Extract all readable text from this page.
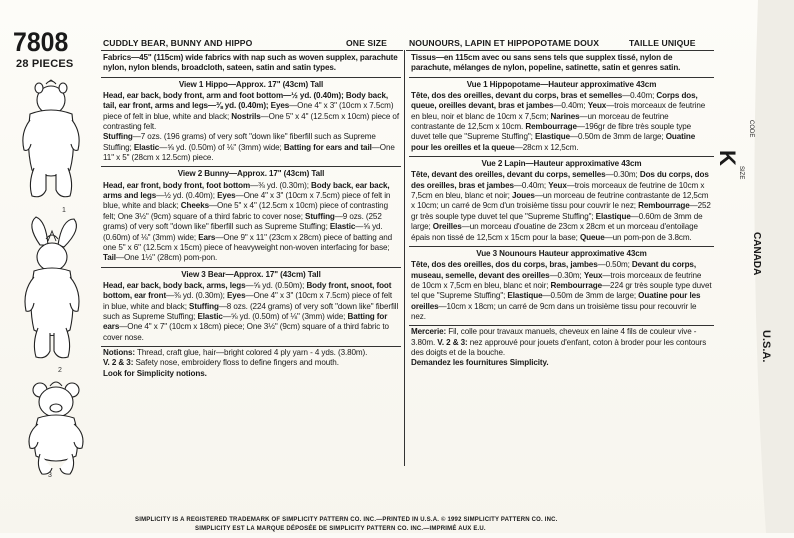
7808
28 PIECES
1
2
3
CUDDLY BEAR, BUNNY AND HIPPO	ONE SIZE	NOUNOURS, LAPIN ET HIPPOPOTAME DOUX	TAILLE UNIQUE

Fabrics—45" (115cm) wide fabrics with nap such as woven supplex, parachute nylon, nylon blends, broadcloth, sateen, satin and satin types.

View 1 Hippo—Approx. 17" (43cm) Tall

Head, ear back, body front, arm and foot bottom—½ yd. (0.40m); Body back, tail, ear front, arms and legs—⅜ yd. (0.40m); Eyes—One 4" x 3" (10cm x 7.5cm) piece of felt in blue, white and black; Nostrils—One 5" x 4" (12.5cm x 10cm) piece of contrasting felt.

Stuffing—7 ozs. (196 grams) of very soft "down like" fiberfill such as Supreme Stuffing; Elastic—⅝ yd. (0.50m) of ⅛" (3mm) wide; Batting for ears and tail—One 11" x 5" (28cm x 12.5cm) piece.

View 2 Bunny—Approx. 17" (43cm) Tall

Head, ear front, body front, foot bottom—⅜ yd. (0.30m); Body back, ear back, arms and legs—½ yd. (0.40m); Eyes—One 4" x 3" (10cm x 7.5cm) piece of felt in blue, white and black; Cheeks—One 5" x 4" (12.5cm x 10cm) piece of contrasting felt; One 3½" (9cm) square of a third fabric to cover nose; Stuffing—9 ozs. (252 grams) of very soft "down like" fiberfill such as Supreme Stuffing; Elastic—⅝ yd. (0.60m) of ⅛" (3mm) wide; Ears—One 9" x 11" (23cm x 28cm) piece of batting and one 5" x 6" (12.5cm x 15cm) piece of heavyweight non-woven interfacing for base; Tail—One 1½" (28cm) pom-pon.

View 3 Bear—Approx. 17" (43cm) Tall

Head, ear back, body back, arms, legs—⅝ yd. (0.50m); Body front, snoot, foot bottom, ear front—⅜ yd. (0.30m); Eyes—One 4" x 3" (10cm x 7.5cm) piece of felt in blue, white and black; Stuffing—8 ozs. (224 grams) of very soft "down like" fiberfill such as Supreme Stuffing; Elastic—⅝ yd. (0.50m) of ⅛" (3mm) wide; Batting for ears—One 4" x 7" (10cm x 18cm) piece; One 3½" (9cm) square of a third fabric to cover nose.

Notions: Thread, craft glue, hair—bright colored 4 ply yarn - 4 yds. (3.80m).

V. 2 & 3: Safety nose, embroidery floss to define fingers and mouth.

Look for Simplicity notions.

Tissus—en 115cm avec ou sans sens tels que supplex tissé, nylon de parachute, mélanges de nylon, popeline, satinette, satin et genres satin.

Vue 1 Hippopotame—Hauteur approximative 43cm

Tête, dos des oreilles, devant du corps, bras et semelles—0.40m; Corps dos, queue, oreilles devant, bras et jambes—0.40m; Yeux—trois morceaux de feutrine en bleu, noir et blanc de 10cm x 7,5cm; Narines—un morceau de feutrine contrastante de 12,5cm x 10cm. Rembourrage—196gr de fibre très souple type duvet telle que "Supreme Stuffing"; Elastique—0.50m de 3mm de large; Ouatine pour les oreilles et la queue—28cm x 12,5cm.

Vue 2 Lapin—Hauteur approximative 43cm

Tête, devant des oreilles, devant du corps, semelles—0.30m; Dos du corps, dos des oreilles, bras et jambes—0.40m; Yeux—trois morceaux de feutrine de 10cm x 7,5cm en bleu, blanc et noir; Joues—un morceau de feutrine contrastante de 12,5cm x 10cm; un carré de 9cm d'un troisième tissu pour couvrir le nez; Rembourrage—252 gr très souple type duvet tel que "Supreme Stuffing"; Elastique—0.60m de 3mm de large; Oreilles—un morceau d'ouatine de 23cm x 28cm et un morceau d'entoilage épais non tissé de 12,5cm x 15cm pour la base; Queue—un pom-pon de 3.8cm.

Vue 3 Nounours Hauteur approximative 43cm

Tête, dos des oreilles, dos du corps, bras, jambes—0.50m; Devant du corps, museau, semelle, devant des oreilles—0.30m; Yeux—trois morceaux de feutrine de 10cm x 7,5cm en bleu, blanc et noir; Rembourrage—224 gr très souple type duvet tel que "Supreme Stuffing"; Elastique—0.50m de 3mm de large; Ouatine pour les oreilles—10cm x 18cm; un carré de 9cm dans un troisième tissu pour recouvrir le nez.

Mercerie: Fil, colle pour travaux manuels, cheveux en laine 4 fils de couleur vive - 3.80m. V. 2 & 3: nez approuvé pour jouets d'enfant, coton à broder pour les contours des doigts et de la bouche.

Demandez les fournitures Simplicity.

CODE
SIZE
K
CANADA
U.S.A.
SIMPLICITY IS A REGISTERED TRADEMARK OF SIMPLICITY PATTERN CO. INC.—PRINTED IN U.S.A. © 1992 SIMPLICITY PATTERN CO. INC.
SIMPLICITY EST LA MARQUE DÉPOSÉE DE SIMPLICITY PATTERN CO. INC.—IMPRIMÉ AUX E.U.
